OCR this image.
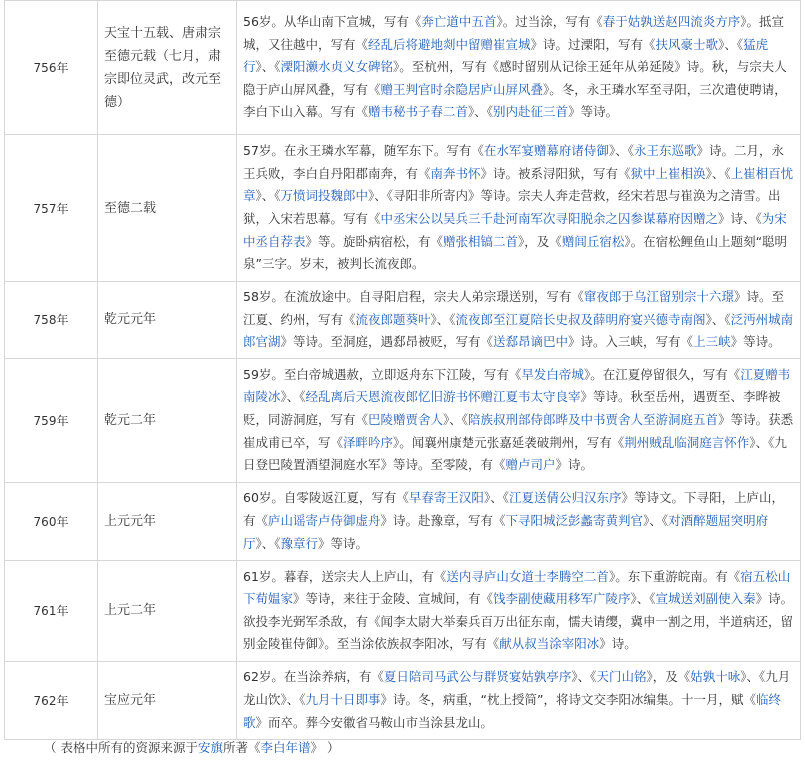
756年	天宝十五载、唐肃宗至德元载（七月，肃宗即位灵武，改元至德）	56岁。从华山南下宣城，写有《奔亡道中五首》。过当涂，写有《春于姑孰送赵四流炎方序》。抵宣城，又往越中，写有《经乱后将避地剡中留赠崔宣城》诗。过溧阳，写有《扶风豪士歌》、《猛虎行》、《溧阳濑水贞义女碑铭》。至杭州，写有《感时留别从记徐王延年从弟延陵》诗。秋，与宗夫人隐于庐山屏风叠，写有《赠王判官时余隐居庐山屏风叠》。冬，永王璘水军至寻阳，三次遣使聘请，李白下山入幕。写有《赠韦秘书子春二首》、《别内赴征三首》等诗。
757年	至德二载	57岁。在永王璘水军幕，随军东下。写有《在水军宴赠幕府诸侍御》、《永王东巡歌》诗。二月，永王兵败，李白自丹阳郡南奔，有《南奔书怀》诗。被系浔阳狱，写有《狱中上崔相涣》、《上崔相百忧章》、《万愤词投魏郎中》、《寻阳非所寄内》等诗。宗夫人奔走营救，经宋若思与崔涣为之清雪。出狱，入宋若思幕。写有《中丞宋公以吴兵三千赴河南军次寻阳脱余之囚参谋幕府因赠之》诗、《为宋中丞自荐表》等。旋卧病宿松，有《赠张相镐二首》，及《赠闾丘宿松》。在宿松鲤鱼山上题刻“聪明泉”三字。岁末，被判长流夜郎。
758年	乾元元年	58岁。在流放途中。自寻阳启程，宗夫人弟宗璟送别，写有《窜夜郎于乌江留别宗十六璟》诗。至江夏、约州，写有《流夜郎题葵叶》、《流夜郎至江夏陪长史叔及薛明府宴兴德寺南阁》、《泛沔州城南郎官湖》等诗。至洞庭，遇郄昂被贬，写有《送郄昂谪巴中》诗。入三峡，写有《上三峡》等诗。
759年	乾元二年	59岁。至白帝城遇赦，立即返舟东下江陵，写有《早发白帝城》。在江夏停留很久，写有《江夏赠韦南陵冰》、《经乱离后天恩流夜郎忆旧游书怀赠江夏韦太守良宰》等诗。秋至岳州，遇贾至、李晔被贬，同游洞庭，写有《巴陵赠贾舍人》、《陪族叔刑部侍郎晔及中书贾舍人至游洞庭五首》等诗。获悉崔成甫已卒，写《泽畔吟序》。闻襄州康楚元张嘉延袭破荆州，写有《荆州贼乱临洞庭言怀作》、《九日登巴陵置酒望洞庭水军》等诗。至零陵，有《赠卢司户》诗。
760年	上元元年	60岁。自零陵返江夏，写有《早春寄王汉阳》、《江夏送倩公归汉东序》等诗文。下寻阳，上庐山，有《庐山谣寄卢侍御虚舟》诗。赴豫章，写有《下寻阳城泛彭蠡寄黄判官》、《对酒醉题屈突明府厅》、《豫章行》等诗。
761年	上元二年	61岁。暮春，送宗夫人上庐山，有《送内寻庐山女道士李腾空二首》。东下重游皖南。有《宿五松山下荀媪家》等诗，来往于金陵、宣城间，有《饯李副使藏用移军广陵序》、《宣城送刘副使入秦》诗。欲投李光弼军杀敌，有《闻李太尉大举秦兵百万出征东南，懦夫请缨，冀申一割之用，半道病还，留别金陵崔侍御》。至当涂依族叔李阳冰，写有《献从叔当涂宰阳冰》诗。
762年	宝应元年	62岁。在当涂养病，有《夏日陪司马武公与群贤宴姑孰亭序》、《天门山铭》，及《姑孰十咏》、《九月龙山饮》、《九月十日即事》诗。冬，病重，“枕上授简”，将诗文交李阳冰编集。十一月，赋《临终歌》而卒。葬今安徽省马鞍山市当涂县龙山。
（ 表格中所有的资源来源于安旗所著《李白年谱》 ）
